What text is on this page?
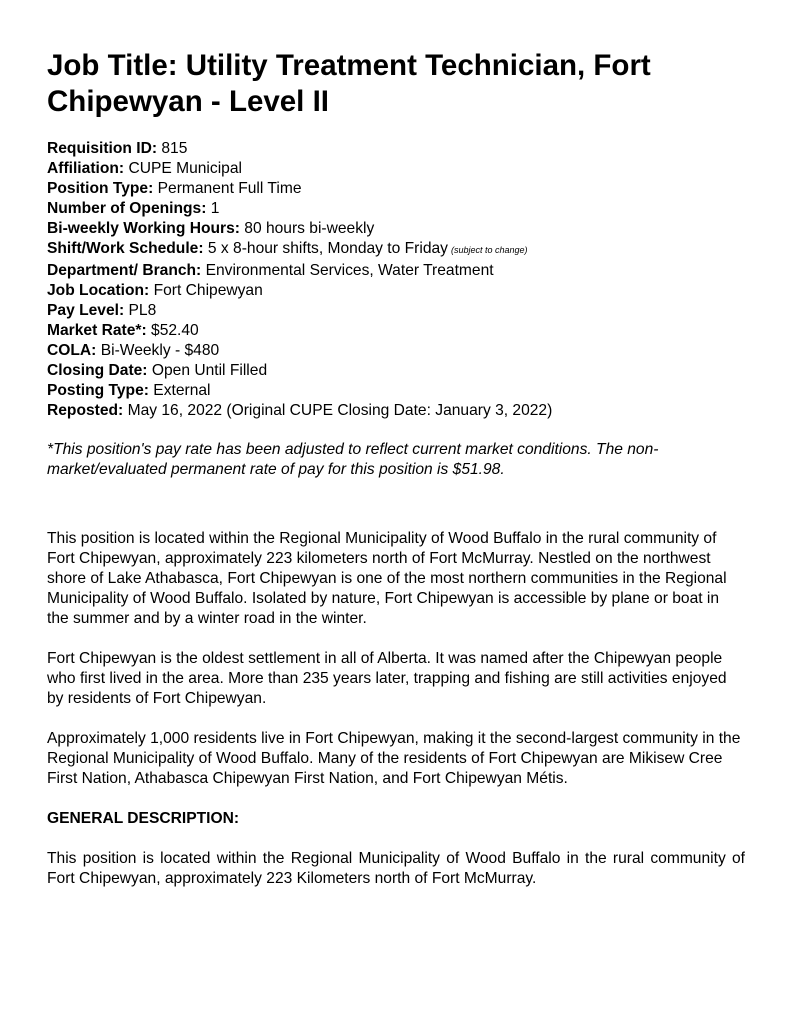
Job Title: Utility Treatment Technician, Fort Chipewyan - Level II
Requisition ID: 815
Affiliation: CUPE Municipal
Position Type: Permanent Full Time
Number of Openings: 1
Bi-weekly Working Hours: 80 hours bi-weekly
Shift/Work Schedule: 5 x 8-hour shifts, Monday to Friday (subject to change)
Department/ Branch: Environmental Services, Water Treatment
Job Location: Fort Chipewyan
Pay Level: PL8
Market Rate*: $52.40
COLA: Bi-Weekly - $480
Closing Date: Open Until Filled
Posting Type: External
Reposted: May 16, 2022 (Original CUPE Closing Date: January 3, 2022)
*This position's pay rate has been adjusted to reflect current market conditions. The non-market/evaluated permanent rate of pay for this position is $51.98.

This position is located within the Regional Municipality of Wood Buffalo in the rural community of Fort Chipewyan, approximately 223 kilometers north of Fort McMurray. Nestled on the northwest shore of Lake Athabasca, Fort Chipewyan is one of the most northern communities in the Regional Municipality of Wood Buffalo. Isolated by nature, Fort Chipewyan is accessible by plane or boat in the summer and by a winter road in the winter.

Fort Chipewyan is the oldest settlement in all of Alberta. It was named after the Chipewyan people who first lived in the area. More than 235 years later, trapping and fishing are still activities enjoyed by residents of Fort Chipewyan.

Approximately 1,000 residents live in Fort Chipewyan, making it the second-largest community in the Regional Municipality of Wood Buffalo. Many of the residents of Fort Chipewyan are Mikisew Cree First Nation, Athabasca Chipewyan First Nation, and Fort Chipewyan Métis.

GENERAL DESCRIPTION:

This position is located within the Regional Municipality of Wood Buffalo in the rural community of Fort Chipewyan, approximately 223 Kilometers north of Fort McMurray.
